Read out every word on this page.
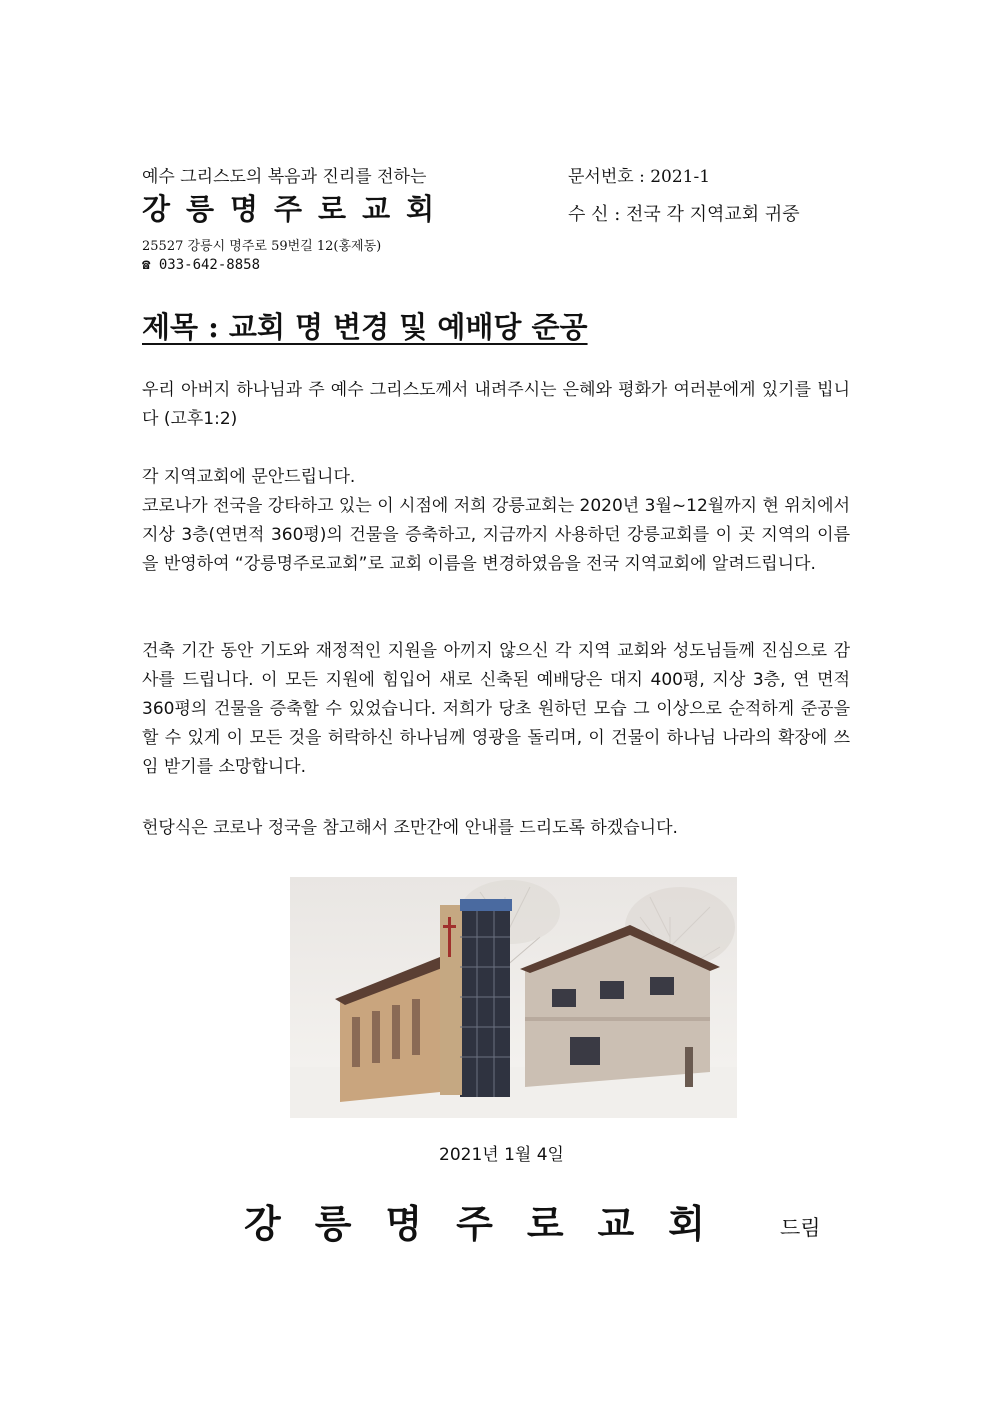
예수 그리스도의 복음과 진리를 전하는
강릉명주로교회
25527 강릉시 명주로 59번길 12(홍제동)
☎ 033-642-8858
문서번호 : 2021-1
수 신 : 전국 각 지역교회 귀중
제목 : 교회 명 변경 및 예배당 준공

우리 아버지 하나님과 주 예수 그리스도께서 내려주시는 은혜와 평화가 여러분에게 있기를 빕니다 (고후1:2)

각 지역교회에 문안드립니다.

코로나가 전국을 강타하고 있는 이 시점에 저희 강릉교회는 2020년 3월~12월까지 현 위치에서 지상 3층(연면적 360평)의 건물을 증축하고, 지금까지 사용하던 강릉교회를 이 곳 지역의 이름을 반영하여 “강릉명주로교회”로 교회 이름을 변경하였음을 전국 지역교회에 알려드립니다.

건축 기간 동안 기도와 재정적인 지원을 아끼지 않으신 각 지역 교회와 성도님들께 진심으로 감사를 드립니다. 이 모든 지원에 힘입어 새로 신축된 예배당은 대지 400평, 지상 3층, 연 면적 360평의 건물을 증축할 수 있었습니다. 저희가 당초 원하던 모습 그 이상으로 순적하게 준공을 할 수 있게 이 모든 것을 허락하신 하나님께 영광을 돌리며, 이 건물이 하나님 나라의 확장에 쓰임 받기를 소망합니다.

헌당식은 코로나 정국을 참고해서 조만간에 안내를 드리도록 하겠습니다.

2021년 1월 4일
강릉명주로교회 드림
